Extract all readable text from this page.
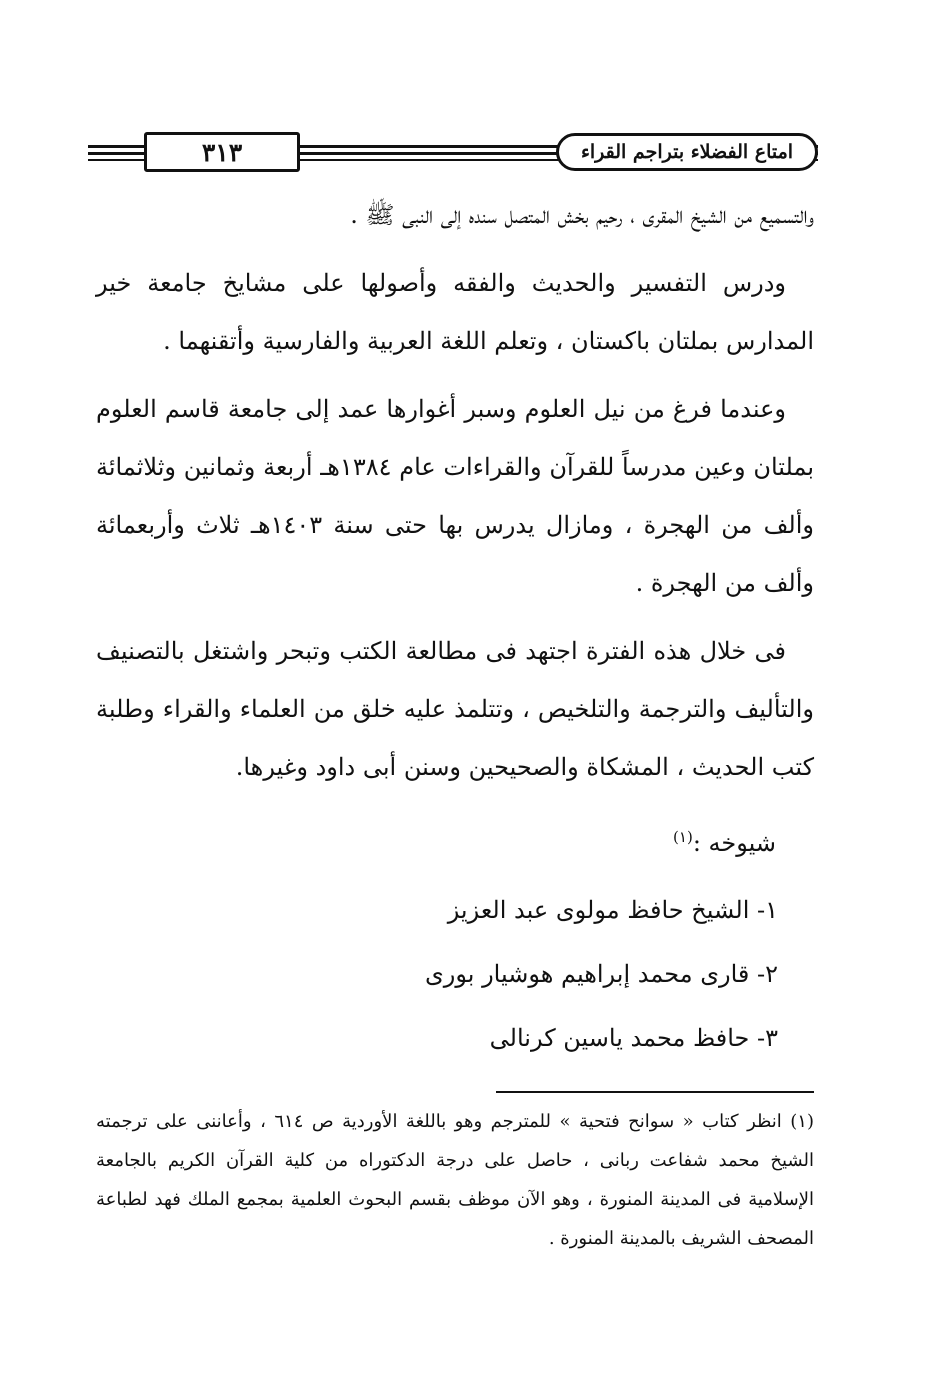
٣١٣	امتاع الفضلاء بتراجم القراء

والتسميع من الشيخ المقرى ، رحيم بخش المتصل سنده إلى النبى ﷺ .

ودرس التفسير والحديث والفقه وأصولها على مشايخ جامعة خير المدارس بملتان باكستان ، وتعلم اللغة العربية والفارسية وأتقنهما .

وعندما فرغ من نيل العلوم وسبر أغوارها عمد إلى جامعة قاسم العلوم بملتان وعين مدرساً للقرآن والقراءات عام ١٣٨٤هـ أربعة وثمانين وثلاثمائة وألف من الهجرة ، ومازال يدرس بها حتى سنة ١٤٠٣هـ ثلاث وأربعمائة وألف من الهجرة .

فى خلال هذه الفترة اجتهد فى مطالعة الكتب وتبحر واشتغل بالتصنيف والتأليف والترجمة والتلخيص ، وتتلمذ عليه خلق من العلماء والقراء وطلبة كتب الحديث ، المشكاة والصحيحين وسنن أبى داود وغيرها.

شيوخه :$^{(١)}$
١- الشيخ حافظ مولوى عبد العزيز
٢- قارى محمد إبراهيم هوشيار بورى
٣- حافظ محمد ياسين كرنالى

(١) انظر كتاب « سوانح فتحية » للمترجم وهو باللغة الأوردية ص ٦١٤ ، وأعاننى على ترجمته الشيخ محمد شفاعت ربانى ، حاصل على درجة الدكتوراه من كلية القرآن الكريم بالجامعة الإسلامية فى المدينة المنورة ، وهو الآن موظف بقسم البحوث العلمية بمجمع الملك فهد لطباعة المصحف الشريف بالمدينة المنورة .
